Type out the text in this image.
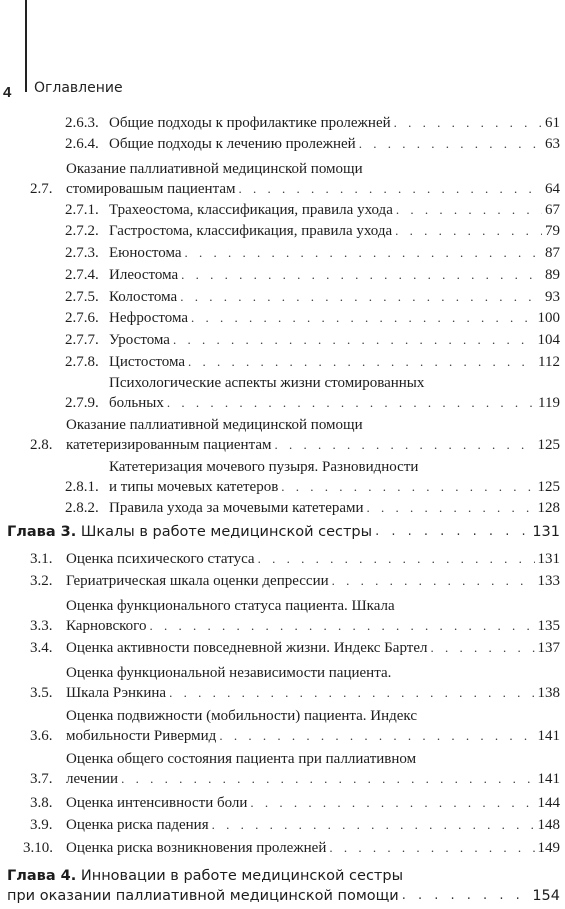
4 Оглавление
2.6.3. Общие подходы к профилактике пролежней . . .	61
2.6.4. Общие подходы к лечению пролежней . . .	63
2.7.
Оказание паллиативной медицинской помощи
стомировашым пациентам . . .	64
2.7.1. Трахеостома, классификация, правила ухода . . .	67
2.7.2. Гастростома, классификация, правила ухода . . .	79
2.7.3. Еюностома . . .	87
2.7.4. Илеостома . . .	89
2.7.5. Колостома . . .	93
2.7.6. Нефростома . . .	100
2.7.7. Уростома . . .	104
2.7.8. Цистостома . . .	112
2.7.9.
Психологические аспекты жизни стомированных
больных . . .	119
2.8.
Оказание паллиативной медицинской помощи
катетеризированным пациентам . . .	125
2.8.1.
Катетеризация мочевого пузыря. Разновидности
и типы мочевых катетеров . . .	125
2.8.2. Правила ухода за мочевыми катетерами . . .	128
Глава 3.
Шкалы в работе медицинской сестры . . .	131
3.1. Оценка психического статуса . . .	131
3.2. Гериатрическая шкала оценки депрессии . . .	133
3.3.
Оценка функционального статуса пациента. Шкала
Карновского . . .	135
3.4. Оценка активности повседневной жизни. Индекс Бартел . . .	137
3.5.
Оценка функциональной независимости пациента.
Шкала Рэнкина . . .	138
3.6.
Оценка подвижности (мобильности) пациента. Индекс
мобильности Ривермид . . .	141
3.7.
Оценка общего состояния пациента при паллиативном
лечении . . .	141
3.8. Оценка интенсивности боли . . .	144
3.9. Оценка риска падения . . .	148
3.10. Оценка риска возникновения пролежней . . .	149
Глава 4.
Инновации в работе медицинской сестры
при оказании паллиативной медицинской помощи . . .	154
